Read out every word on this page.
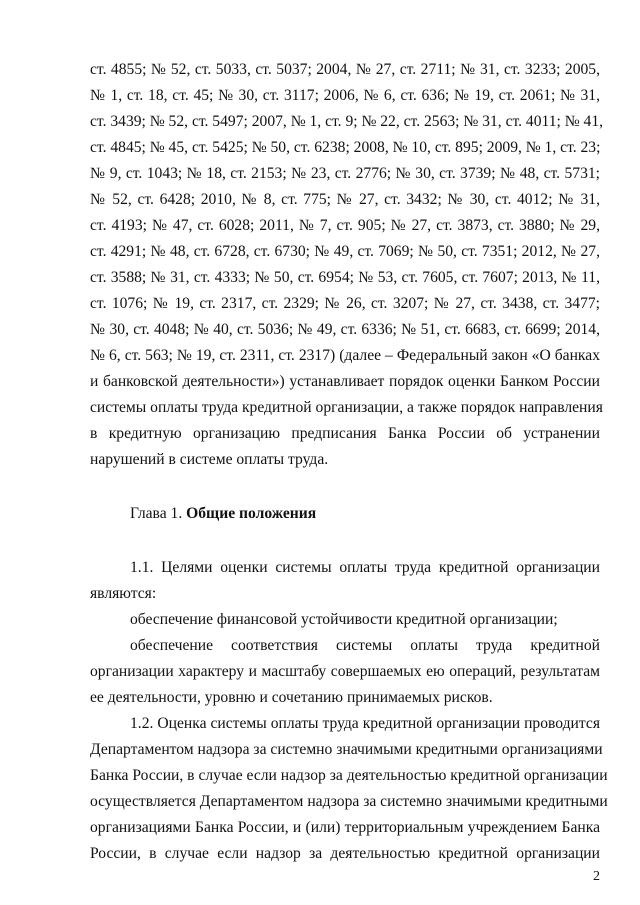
ст. 4855; № 52, ст. 5033, ст. 5037; 2004, № 27, ст. 2711; № 31, ст. 3233; 2005,
№ 1, ст. 18, ст. 45; № 30, ст. 3117; 2006, № 6, ст. 636; № 19, ст. 2061; № 31,
ст. 3439; № 52, ст. 5497; 2007, № 1, ст. 9; № 22, ст. 2563; № 31, ст. 4011; № 41,
ст. 4845; № 45, ст. 5425; № 50, ст. 6238; 2008, № 10, ст. 895; 2009, № 1, ст. 23;
№ 9, ст. 1043; № 18, ст. 2153; № 23, ст. 2776; № 30, ст. 3739; № 48, ст. 5731;
№ 52, ст. 6428; 2010, № 8, ст. 775; № 27, ст. 3432; № 30, ст. 4012; № 31,
ст. 4193; № 47, ст. 6028; 2011, № 7, ст. 905; № 27, ст. 3873, ст. 3880; № 29,
ст. 4291; № 48, ст. 6728, ст. 6730; № 49, ст. 7069; № 50, ст. 7351; 2012, № 27,
ст. 3588; № 31, ст. 4333; № 50, ст. 6954; № 53, ст. 7605, ст. 7607; 2013, № 11,
ст. 1076; № 19, ст. 2317, ст. 2329; № 26, ст. 3207; № 27, ст. 3438, ст. 3477;
№ 30, ст. 4048; № 40, ст. 5036; № 49, ст. 6336; № 51, ст. 6683, ст. 6699; 2014,
№ 6, ст. 563; № 19, ст. 2311, ст. 2317) (далее – Федеральный закон «О банках
и банковской деятельности») устанавливает порядок оценки Банком России
системы оплаты труда кредитной организации, а также порядок направления
в кредитную организацию предписания Банка России об устранении
нарушений в системе оплаты труда.
Глава 1. Общие положения
1.1. Целями оценки системы оплаты труда кредитной организации
являются:
обеспечение финансовой устойчивости кредитной организации;
обеспечение соответствия системы оплаты труда кредитной
организации характеру и масштабу совершаемых ею операций, результатам
ее деятельности, уровню и сочетанию принимаемых рисков.
1.2. Оценка системы оплаты труда кредитной организации проводится
Департаментом надзора за системно значимыми кредитными организациями
Банка России, в случае если надзор за деятельностью кредитной организации
осуществляется Департаментом надзора за системно значимыми кредитными
организациями Банка России, и (или) территориальным учреждением Банка
России, в случае если надзор за деятельностью кредитной организации
2
